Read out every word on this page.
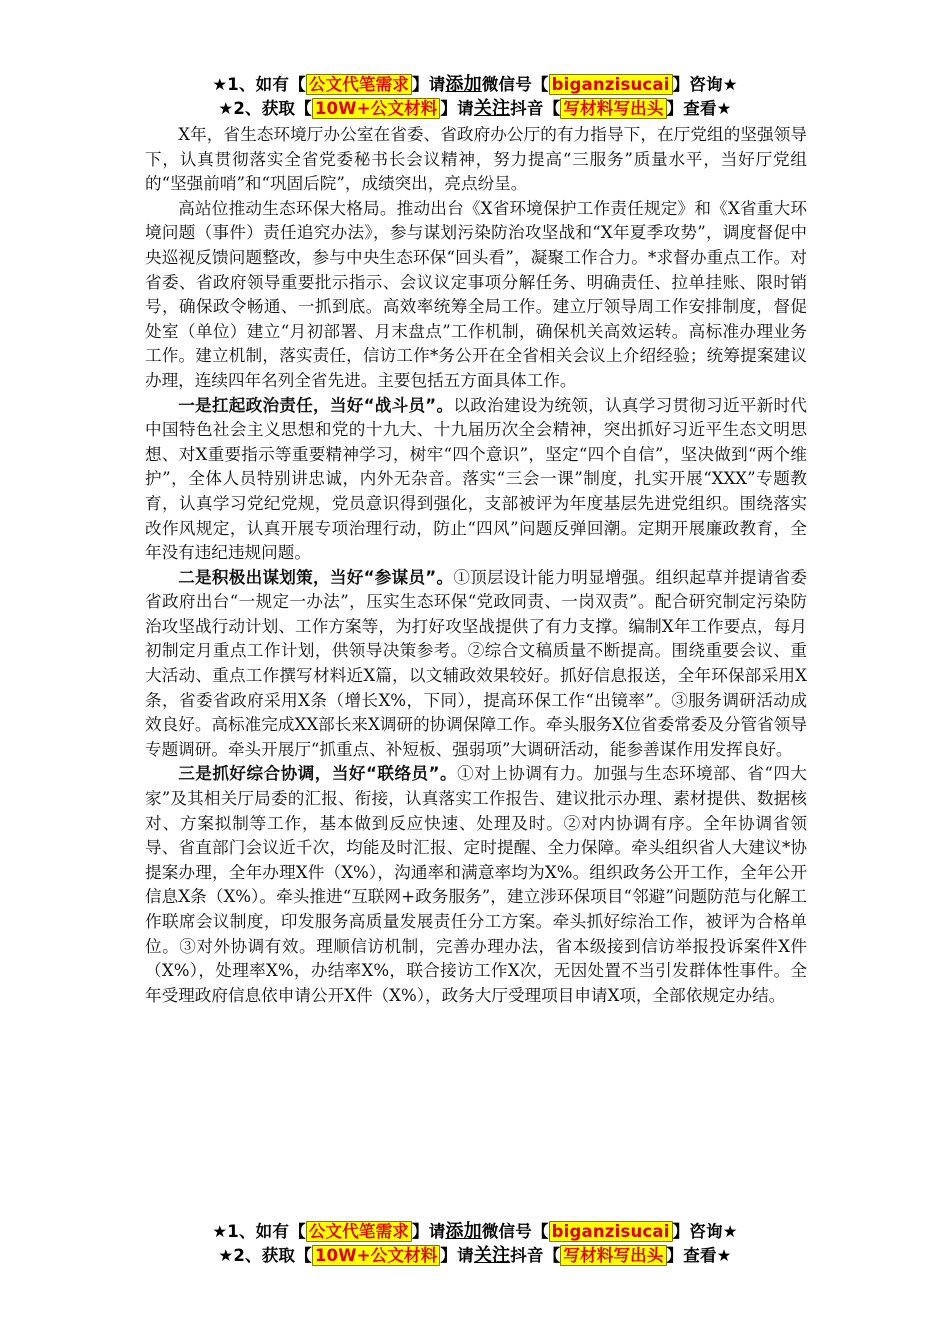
★1、如有【 公文代笔需求 】请添加微信号【 biganzisucai 】咨询★
★2、获取【 10W+公文材料 】请关注抖音【 写材料写出头 】查看★

X年，省生态环境厅办公室在省委、省政府办公厅的有力指导下，在厅党组的坚强领导下，认真贯彻落实全省党委秘书长会议精神，努力提高“三服务”质量水平，当好厅党组的“坚强前哨”和“巩固后院”，成绩突出，亮点纷呈。

高站位推动生态环保大格局。推动出台《X省环境保护工作责任规定》和《X省重大环境问题（事件）责任追究办法》，参与谋划污染防治攻坚战和“X年夏季攻势”，调度督促中央巡视反馈问题整改，参与中央生态环保“回头看”，凝聚工作合力。*求督办重点工作。对省委、省政府领导重要批示指示、会议议定事项分解任务、明确责任、拉单挂账、限时销号，确保政令畅通、一抓到底。高效率统筹全局工作。建立厅领导周工作安排制度，督促处室（单位）建立“月初部署、月末盘点”工作机制，确保机关高效运转。高标准办理业务工作。建立机制，落实责任，信访工作*务公开在全省相关会议上介绍经验；统筹提案建议办理，连续四年名列全省先进。主要包括五方面具体工作。

一是扛起政治责任，当好“战斗员”。以政治建设为统领，认真学习贯彻习近平新时代中国特色社会主义思想和党的十九大、十九届历次全会精神，突出抓好习近平生态文明思想、对X重要指示等重要精神学习，树牢“四个意识”，坚定“四个自信”，坚决做到“两个维护”，全体人员特别讲忠诚，内外无杂音。落实“三会一课”制度，扎实开展“XXX”专题教育，认真学习党纪党规，党员意识得到强化，支部被评为年度基层先进党组织。围绕落实改作风规定，认真开展专项治理行动，防止“四风”问题反弹回潮。定期开展廉政教育，全年没有违纪违规问题。

二是积极出谋划策，当好“参谋员”。①顶层设计能力明显增强。组织起草并提请省委省政府出台“一规定一办法”，压实生态环保“党政同责、一岗双责”。配合研究制定污染防治攻坚战行动计划、工作方案等，为打好攻坚战提供了有力支撑。编制X年工作要点，每月初制定月重点工作计划，供领导决策参考。②综合文稿质量不断提高。围绕重要会议、重大活动、重点工作撰写材料近X篇，以文辅政效果较好。抓好信息报送，全年环保部采用X条，省委省政府采用X条（增长X%，下同），提高环保工作“出镜率”。③服务调研活动成效良好。高标准完成XX部长来X调研的协调保障工作。牵头服务X位省委常委及分管省领导专题调研。牵头开展厅“抓重点、补短板、强弱项”大调研活动，能参善谋作用发挥良好。

三是抓好综合协调，当好“联络员”。①对上协调有力。加强与生态环境部、省“四大家”及其相关厅局委的汇报、衔接，认真落实工作报告、建议批示办理、素材提供、数据核对、方案拟制等工作，基本做到反应快速、处理及时。②对内协调有序。全年协调省领导、省直部门会议近千次，均能及时汇报、定时提醒、全力保障。牵头组织省人大建议*协提案办理，全年办理X件（X%），沟通率和满意率均为X%。组织政务公开工作，全年公开信息X条（X%）。牵头推进“互联网+政务服务”，建立涉环保项目“邻避”问题防范与化解工作联席会议制度，印发服务高质量发展责任分工方案。牵头抓好综治工作，被评为合格单位。③对外协调有效。理顺信访机制，完善办理办法，省本级接到信访举报投诉案件X件（X%），处理率X%，办结率X%，联合接访工作X次，无因处置不当引发群体性事件。全年受理政府信息依申请公开X件（X%），政务大厅受理项目申请X项，全部依规定办结。

★1、如有【 公文代笔需求 】请添加微信号【 biganzisucai 】咨询★
★2、获取【 10W+公文材料 】请关注抖音【 写材料写出头 】查看★
